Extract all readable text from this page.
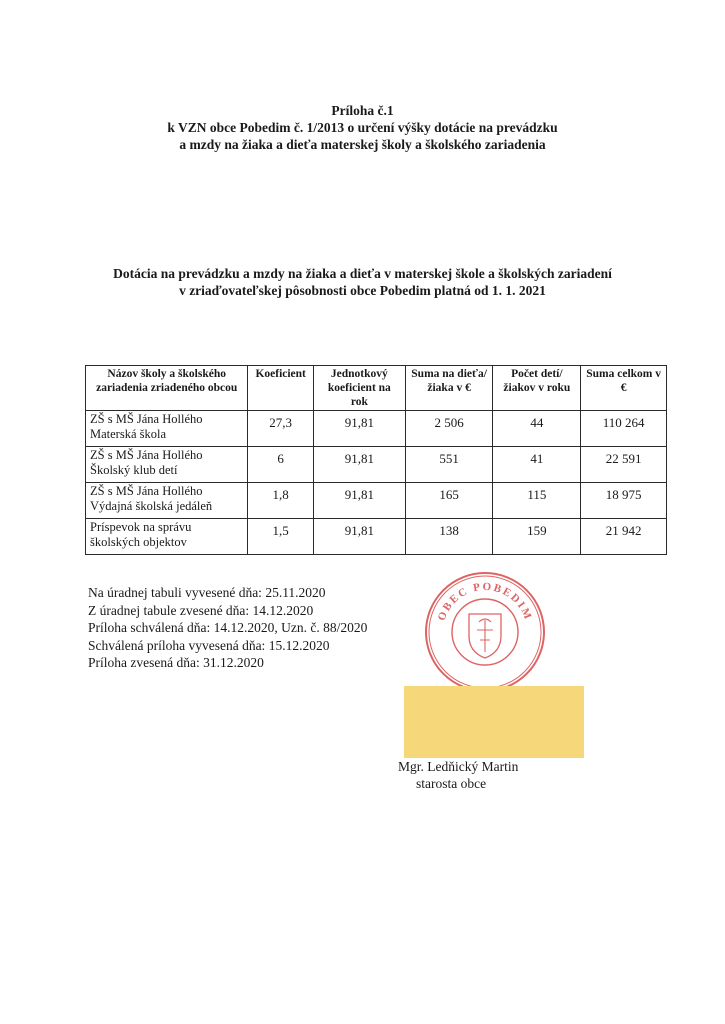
Príloha č.1
k VZN obce Pobedim č. 1/2013 o určení výšky dotácie na prevádzku
a mzdy na žiaka a dieťa materskej školy a školského zariadenia
Dotácia na prevádzku a mzdy na žiaka a dieťa v materskej škole a školských zariadení
v zriaďovateľskej pôsobnosti obce Pobedim platná od 1. 1. 2021
Názov školy a školského zariadenia zriadeného obcou	Koeficient	Jednotkový koeficient na rok	Suma na dieťa/žiaka v €	Počet detí/žiakov v roku	Suma celkom v €
ZŠ s MŠ Jána Hollého
Materská škola	27,3	91,81	2 506	44	110 264
ZŠ s MŠ Jána Hollého
Školský klub detí	6	91,81	551	41	22 591
ZŠ s MŠ Jána Hollého
Výdajná školská jedáleň	1,8	91,81	165	115	18 975
Príspevok na správu
školských objektov	1,5	91,81	138	159	21 942
Na úradnej tabuli vyvesené dňa: 25.11.2020
Z úradnej tabule zvesené dňa: 14.12.2020
Príloha schválená dňa: 14.12.2020, Uzn. č. 88/2020
Schválená príloha vyvesená dňa: 15.12.2020
Príloha zvesená dňa: 31.12.2020
OBEC POBEDIM
Mgr. Ledňický Martin
starosta obce
